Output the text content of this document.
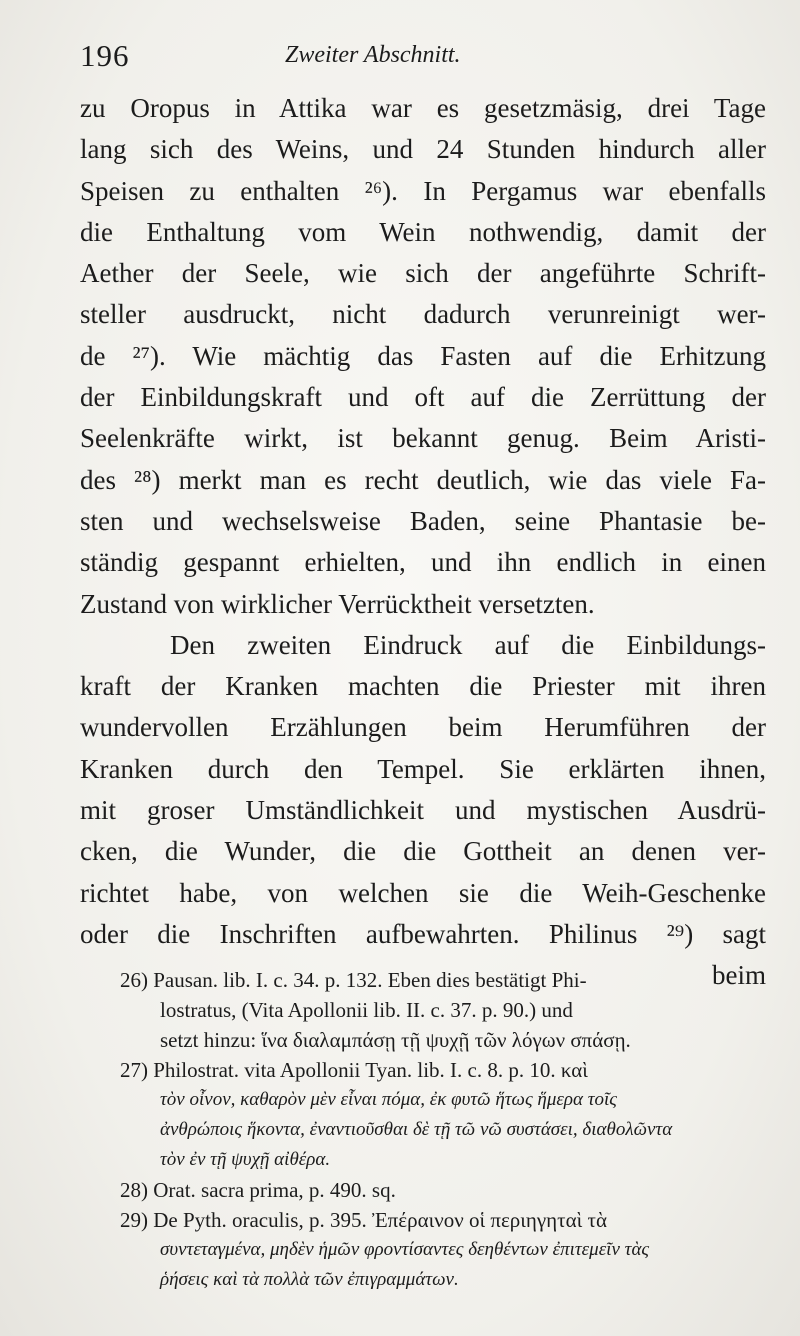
196	Zweiter Abschnitt.
zu Oropus in Attika war es gesetzmäsig, drei Tage
lang sich des Weins, und 24 Stunden hindurch aller
Speisen zu enthalten ²⁶). In Pergamus war ebenfalls
die Enthaltung vom Wein nothwendig, damit der
Aether der Seele, wie sich der angeführte Schrift-
steller ausdruckt, nicht dadurch verunreinigt wer-
de ²⁷). Wie mächtig das Fasten auf die Erhitzung
der Einbildungskraft und oft auf die Zerrüttung der
Seelenkräfte wirkt, ist bekannt genug. Beim Aristi-
des ²⁸) merkt man es recht deutlich, wie das viele Fa-
sten und wechselsweise Baden, seine Phantasie be-
ständig gespannt erhielten, und ihn endlich in einen
Zustand von wirklicher Verrücktheit versetzten.
Den zweiten Eindruck auf die Einbildungs-
kraft der Kranken machten die Priester mit ihren
wundervollen Erzählungen beim Herumführen der
Kranken durch den Tempel. Sie erklärten ihnen,
mit groser Umständlichkeit und mystischen Ausdrü-
cken, die Wunder, die die Gottheit an denen ver-
richtet habe, von welchen sie die Weih-Geschenke
oder die Inschriften aufbewahrten. Philinus ²⁹) sagt
beim
26) Pausan. lib. I. c. 34. p. 132. Eben dies bestätigt Phi-
lostratus, (Vita Apollonii lib. II. c. 37. p. 90.) und
setzt hinzu: ἵνα διαλαμπάσῃ τῇ ψυχῇ τῶν λόγων σπάσῃ.
27) Philostrat. vita Apollonii Tyan. lib. I. c. 8. p. 10. καὶ
τὸν οἶνον, καθαρὸν μὲν εἶναι πόμα, ἐκ φυτῶ ἥτως ἥμερα τοῖς
ἀνθρώποις ἥκοντα, ἐναντιοῦσθαι δὲ τῇ τῶ νῶ συστάσει, διαθολῶντα
τὸν ἐν τῇ ψυχῇ αἰθέρα.
28) Orat. sacra prima, p. 490. sq.
29) De Pyth. oraculis, p. 395. Ἐπέραινον οἱ περιηγηταὶ τὰ
συντεταγμένα, μηδὲν ἡμῶν φροντίσαντες δεηθέντων ἐπιτεμεῖν τὰς
ῥήσεις καὶ τὰ πολλὰ τῶν ἐπιγραμμάτων.
